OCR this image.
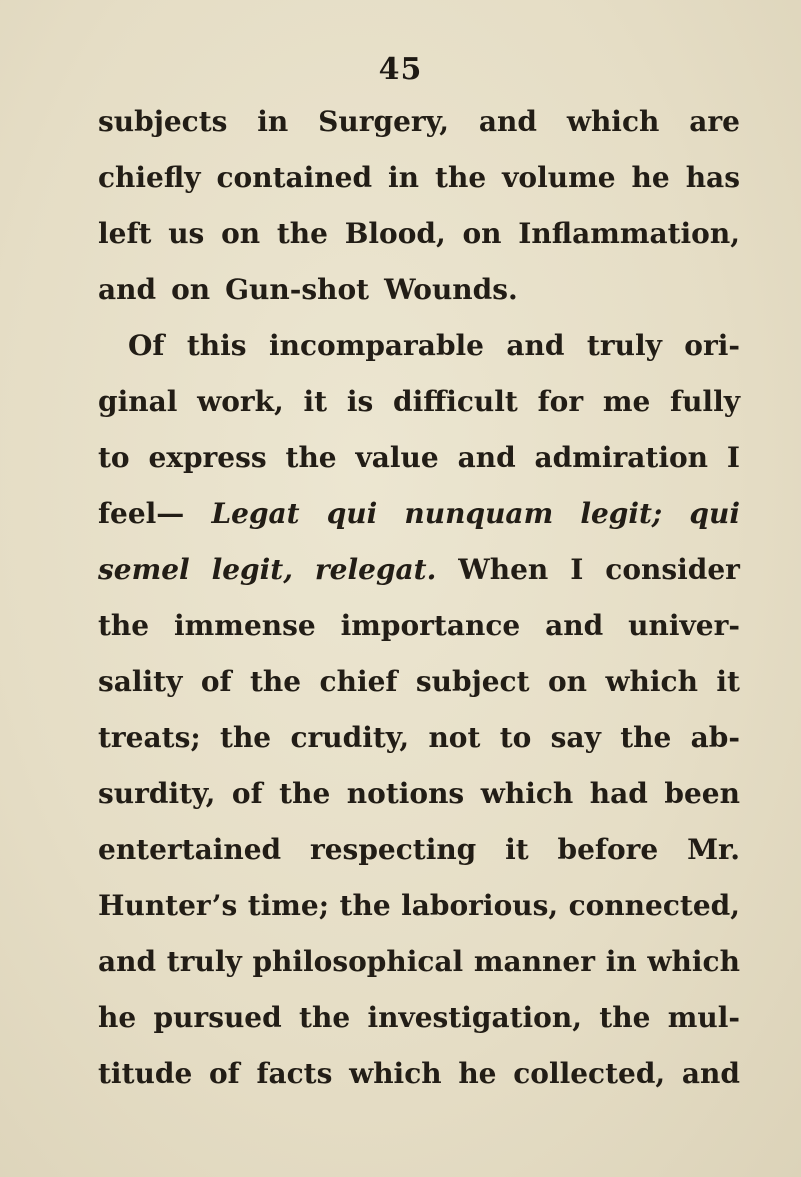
45
subjects in Surgery, and which are
chiefly contained in the volume he has
left us on the Blood, on Inflammation,
and on Gun-shot Wounds.
Of this incomparable and truly ori-
ginal work, it is difficult for me fully
to express the value and admiration I
feel— Legat qui nunquam legit; qui
semel legit, relegat. When I consider
the immense importance and univer-
sality of the chief subject on which it
treats; the crudity, not to say the ab-
surdity, of the notions which had been
entertained respecting it before Mr.
Hunter’s time; the laborious, connected,
and truly philosophical manner in which
he pursued the investigation, the mul-
titude of facts which he collected, and
